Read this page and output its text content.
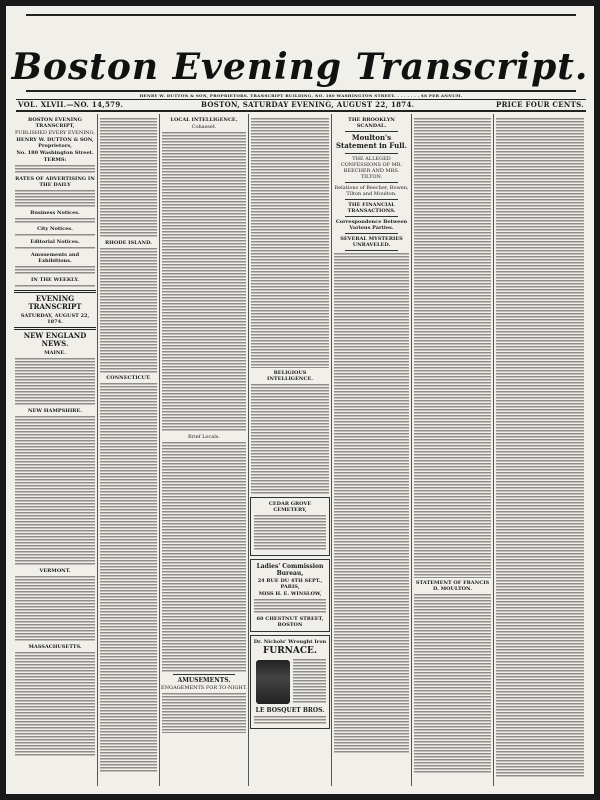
Boston Evening Transcript.
HENRY W. DUTTON & SON, PROPRIETORS. TRANSCRIPT BUILDING, NO. 180 WASHINGTON STREET. . . . . . . . $8 PER ANNUM.
VOL. XLVII.—NO. 14,579.	BOSTON, SATURDAY EVENING, AUGUST 22, 1874.	PRICE FOUR CENTS.
BOSTON EVENING TRANSCRIPT,
PUBLISHED EVERY EVENING,
HENRY W. DUTTON & SON, Proprietors,
No. 180 Washington Street.
TERMS:
RATES OF ADVERTISING IN THE DAILY
Business Notices.
City Notices.
Editorial Notices.
Amusements and Exhibitions.
IN THE WEEKLY.
EVENING TRANSCRIPT
SATURDAY, AUGUST 22, 1874.
NEW ENGLAND NEWS.
MAINE.
NEW HAMPSHIRE.
VERMONT.
MASSACHUSETTS.
RHODE ISLAND.
CONNECTICUT.
LOCAL INTELLIGENCE.
Cohasset.
Brief Locals.
AMUSEMENTS.
ENGAGEMENTS FOR TO-NIGHT.
RELIGIOUS INTELLIGENCE.
CEDAR GROVE CEMETERY,
Ladies' Commission Bureau,
24 RUE DU 4TH SEPT., PARIS,
MISS H. E. WINSLOW,
60 CHESTNUT STREET, BOSTON
Dr. Nichols' Wrought Iron
FURNACE.
LE BOSQUET BROS.
THE BROOKLYN SCANDAL.
Moulton's Statement in Full.
THE ALLEGED CONFESSIONS OF MR. BEECHER AND MRS. TILTON.
Relations of Beecher, Bowen, Tilton and Moulton.
THE FINANCIAL TRANSACTIONS.
Correspondence Between Various Parties.
SEVERAL MYSTERIES UNRAVELED.
STATEMENT OF FRANCIS D. MOULTON.
